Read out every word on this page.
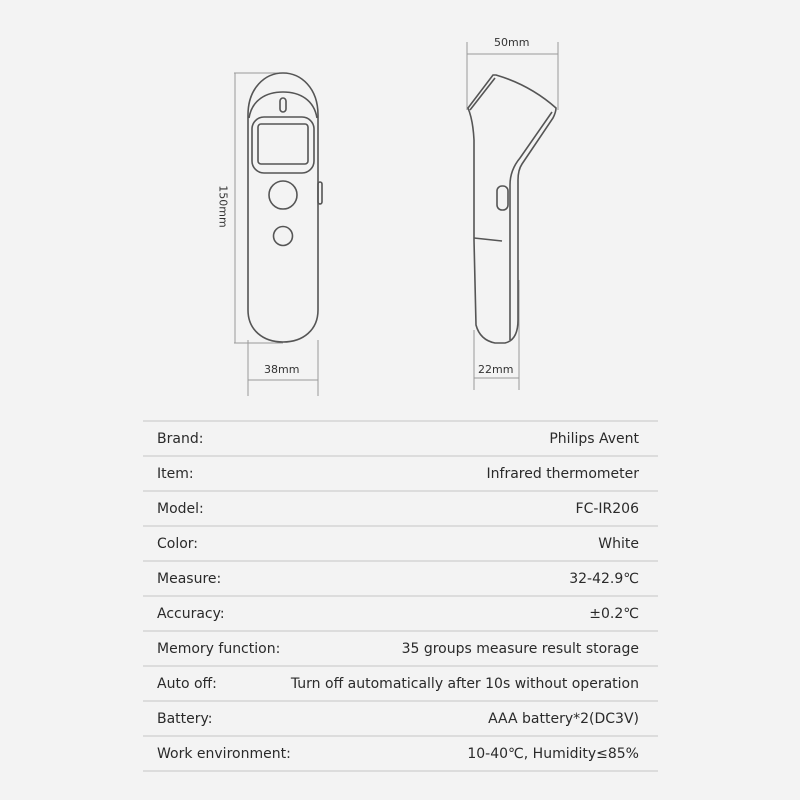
150mm
38mm
50mm
22mm
Brand:	Philips Avent
Item:	Infrared thermometer
Model:	FC-IR206
Color:	White
Measure:	32-42.9℃
Accuracy:	±0.2℃
Memory function:	35 groups measure result storage
Auto off:	Turn off automatically after 10s without operation
Battery:	AAA battery*2(DC3V)
Work environment:	10-40℃, Humidity≤85%
